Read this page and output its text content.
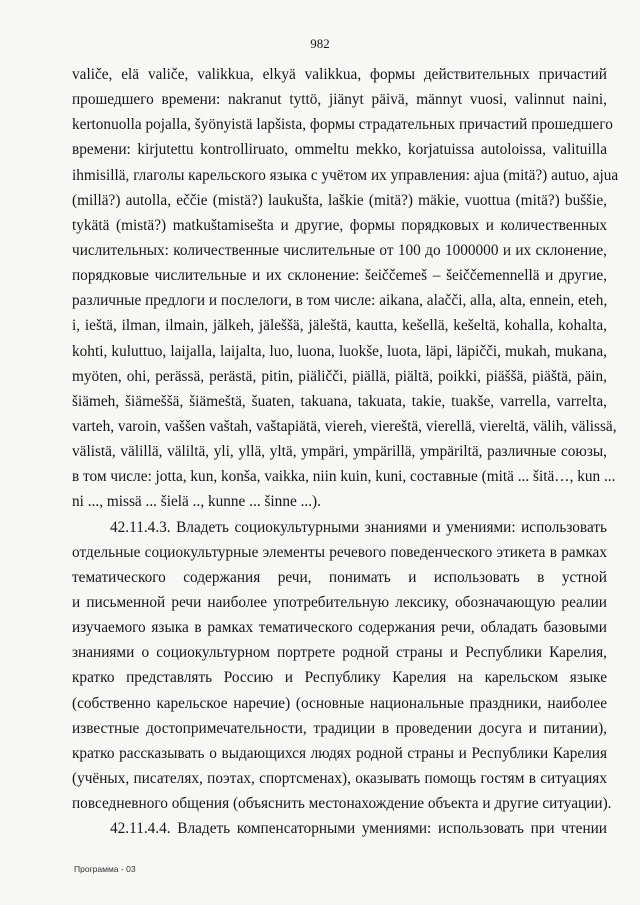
982
valiče, elä valiče, valikkua, elkyä valikkua, формы действительных причастий
прошедшего времени: nakranut tyttö, jiänyt päivä, männyt vuosi, valinnut naini,
kertonuolla pojalla, šyönyistä lapšista, формы страдательных причастий прошедшего
времени: kirjutettu kontrolliruato, ommeltu mekko, korjatuissa autoloissa, valituilla
ihmisillä, глаголы карельского языка с учётом их управления: ajua (mitä?) autuo, ajua
(millä?) autolla, eččie (mistä?) laukušta, laškie (mitä?) mäkie, vuottua (mitä?) buššie,
tykätä (mistä?) matkuštamisešta и другие, формы порядковых и количественных
числительных: количественные числительные от 100 до 1000000 и их склонение,
порядковые числительные и их склонение: šeiččemeš – šeiččemennellä и другие,
различные предлоги и послелоги, в том числе: aikana, alačči, alla, alta, ennein, eteh,
i, ieštä, ilman, ilmain, jälkeh, jäleššä, jäleštä, kautta, kešellä, kešeltä, kohalla, kohalta,
kohti, kuluttuo, laijalla, laijalta, luo, luona, luokše, luota, läpi, läpičči, mukah, mukana,
myöten, ohi, perässä, perästä, pitin, piäličči, piällä, piältä, poikki, piäššä, piäštä, päin,
šiämeh, šiämeššä, šiämeštä, šuaten, takuana, takuata, takie, tuakše, varrella, varrelta,
varteh, varoin, vaššen vaštah, vaštapiätä, viereh, viereštä, vierellä, viereltä, välih, välissä,
välistä, välillä, väliltä, yli, yllä, yltä, ympäri, ympärillä, ympäriltä, различные союзы,
в том числе: jotta, kun, konša, vaikka, niin kuin, kuni, составные (mitä ... šitä…, kun ...
ni ..., missä ... šielä .., kunne ... šinne ...).
42.11.4.3. Владеть социокультурными знаниями и умениями: использовать
отдельные социокультурные элементы речевого поведенческого этикета в рамках
тематического содержания речи, понимать и использовать в устной
и письменной речи наиболее употребительную лексику, обозначающую реалии
изучаемого языка в рамках тематического содержания речи, обладать базовыми
знаниями о социокультурном портрете родной страны и Республики Карелия,
кратко представлять Россию и Республику Карелия на карельском языке
(собственно карельское наречие) (основные национальные праздники, наиболее
известные достопримечательности, традиции в проведении досуга и питании),
кратко рассказывать о выдающихся людях родной страны и Республики Карелия
(учёных, писателях, поэтах, спортсменах), оказывать помощь гостям в ситуациях
повседневного общения (объяснить местонахождение объекта и другие ситуации).
42.11.4.4. Владеть компенсаторными умениями: использовать при чтении
Программа - 03
